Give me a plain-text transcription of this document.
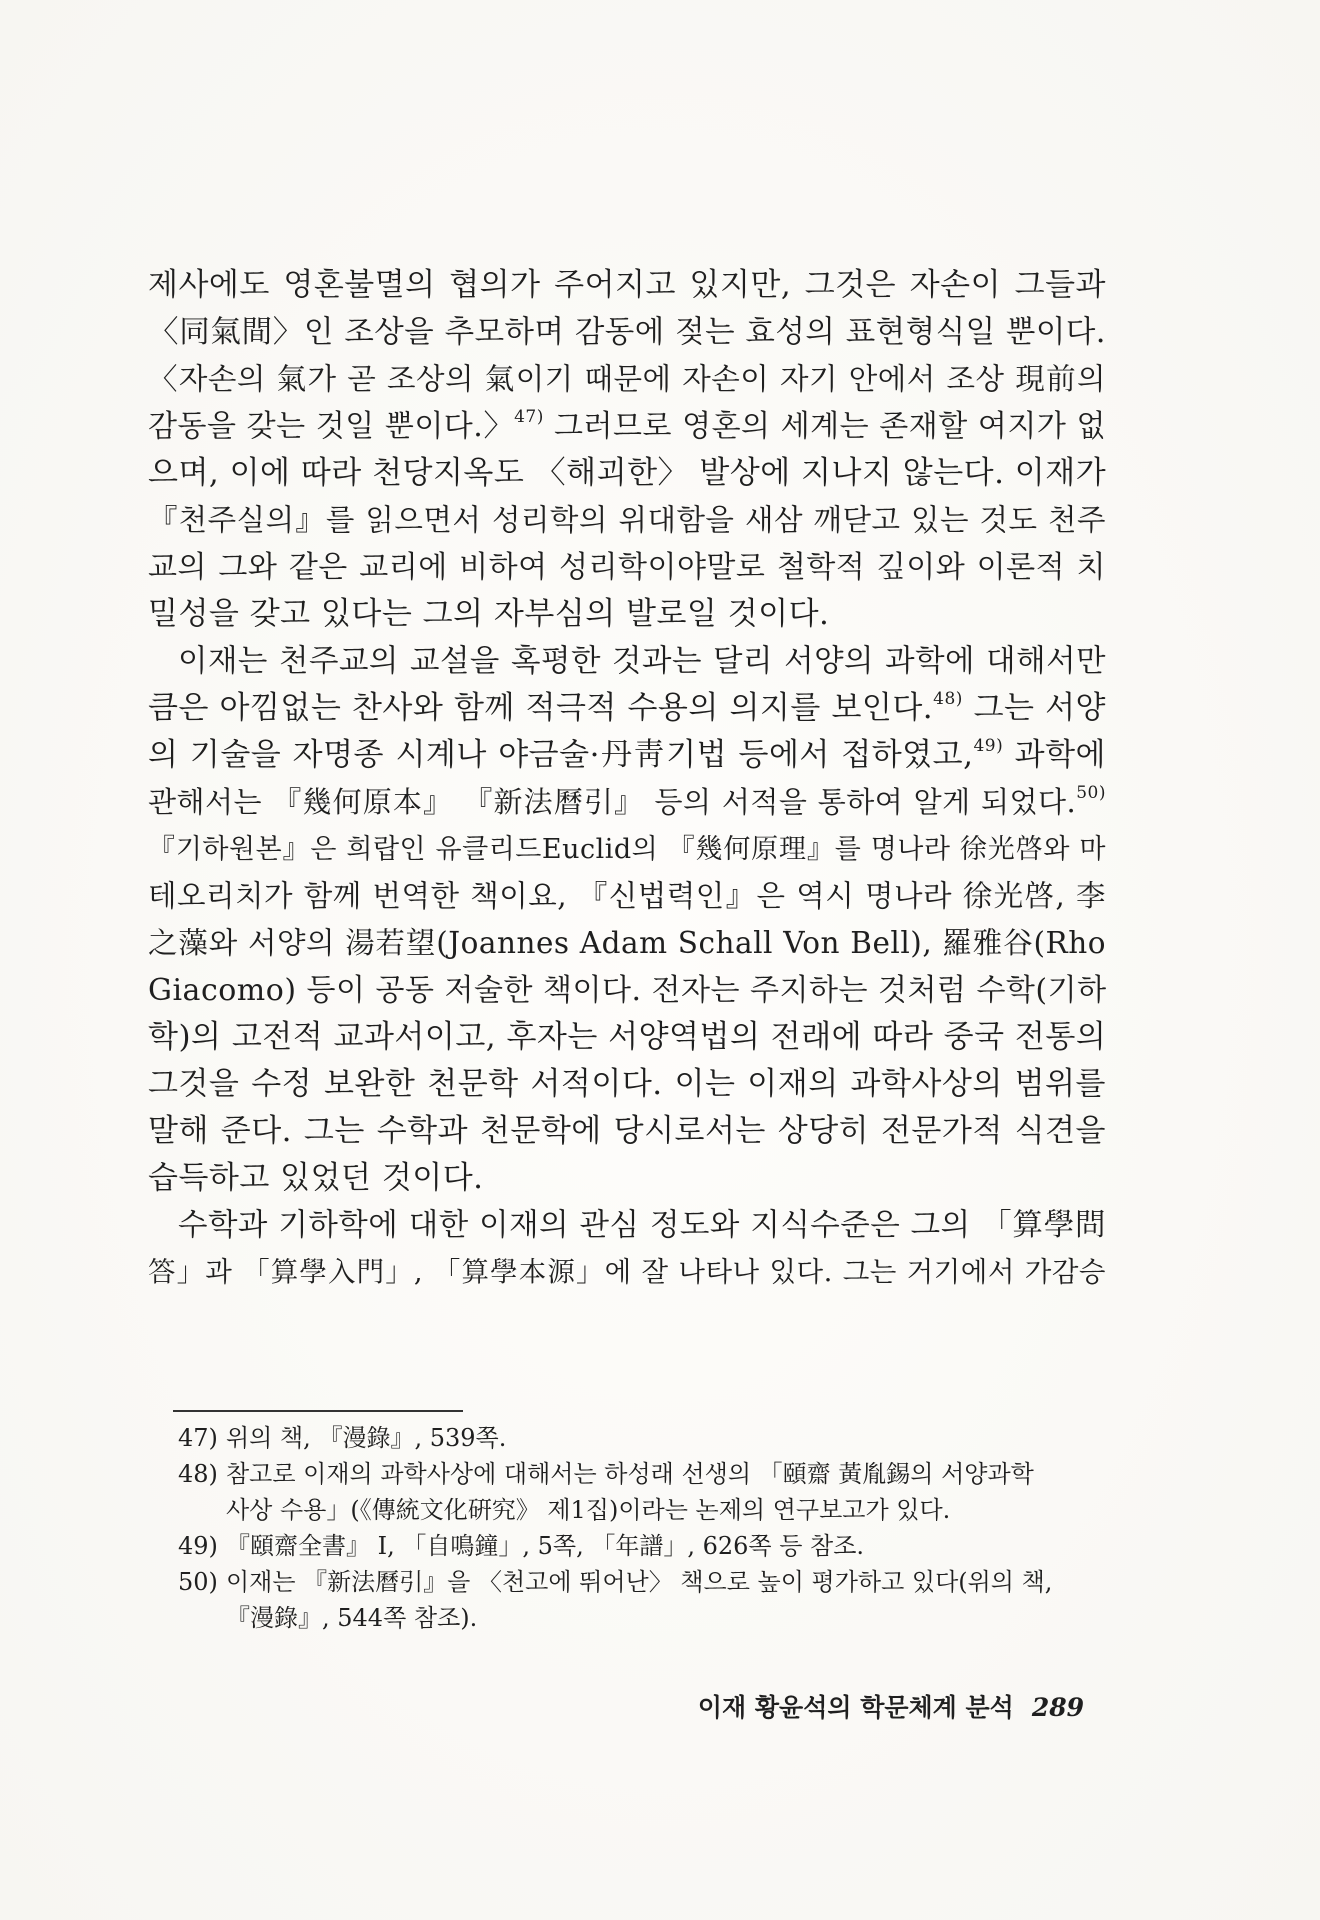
제사에도 영혼불멸의 협의가 주어지고 있지만, 그것은 자손이 그들과
〈同氣間〉인 조상을 추모하며 감동에 젖는 효성의 표현형식일 뿐이다.
〈자손의 氣가 곧 조상의 氣이기 때문에 자손이 자기 안에서 조상 現前의
감동을 갖는 것일 뿐이다.〉$^{47)}$ 그러므로 영혼의 세계는 존재할 여지가 없
으며, 이에 따라 천당지옥도 〈해괴한〉 발상에 지나지 않는다. 이재가
『천주실의』를 읽으면서 성리학의 위대함을 새삼 깨닫고 있는 것도 천주
교의 그와 같은 교리에 비하여 성리학이야말로 철학적 깊이와 이론적 치
밀성을 갖고 있다는 그의 자부심의 발로일 것이다.
이재는 천주교의 교설을 혹평한 것과는 달리 서양의 과학에 대해서만
큼은 아낌없는 찬사와 함께 적극적 수용의 의지를 보인다.$^{48)}$ 그는 서양
의 기술을 자명종 시계나 야금술·丹靑기법 등에서 접하였고,$^{49)}$ 과학에
관해서는 『幾何原本』 『新法曆引』 등의 서적을 통하여 알게 되었다.$^{50)}$
『기하원본』은 희랍인 유클리드Euclid의 『幾何原理』를 명나라 徐光啓와 마
테오리치가 함께 번역한 책이요, 『신법력인』은 역시 명나라 徐光啓, 李
之藻와 서양의 湯若望(Joannes Adam Schall Von Bell), 羅雅谷(Rho
Giacomo) 등이 공동 저술한 책이다. 전자는 주지하는 것처럼 수학(기하
학)의 고전적 교과서이고, 후자는 서양역법의 전래에 따라 중국 전통의
그것을 수정 보완한 천문학 서적이다. 이는 이재의 과학사상의 범위를
말해 준다. 그는 수학과 천문학에 당시로서는 상당히 전문가적 식견을
습득하고 있었던 것이다.
수학과 기하학에 대한 이재의 관심 정도와 지식수준은 그의 「算學問
答」과 「算學入門」, 「算學本源」에 잘 나타나 있다. 그는 거기에서 가감승
47) 위의 책, 『漫錄』, 539쪽.
48) 참고로 이재의 과학사상에 대해서는 하성래 선생의 「頤齋 黃胤錫의 서양과학
사상 수용」(《傳統文化硏究》 제1집)이라는 논제의 연구보고가 있다.
49) 『頤齋全書』 I, 「自鳴鐘」, 5쪽, 「年譜」, 626쪽 등 참조.
50) 이재는 『新法曆引』을 〈천고에 뛰어난〉 책으로 높이 평가하고 있다(위의 책,
『漫錄』, 544쪽 참조).
이재 황윤석의 학문체계 분석 289
